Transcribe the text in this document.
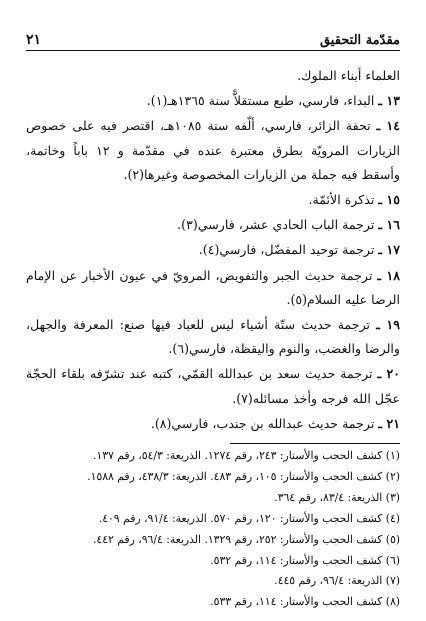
مقدّمة التحقيق
٢١

العلماء أبناء الملوك.

١٣ ـ البداء، فارسي، طبع مستقلاًّ سنة ١٣٦٥هـ(١).

١٤ ـ تحفة الزائر، فارسي، ألّفه سنة ١٠٨٥هـ، اقتصر فيه على خصوص الزيارات المرويّة بطرق معتبرة عنده في مقدّمة و ١٢ باباً وخاتمة، وأسقط فيه جملة من الزيارات المخصوصة وغيرها(٢).

١٥ ـ تذكرة الأئمّة.

١٦ ـ ترجمة الباب الحادي عشر، فارسي(٣).

١٧ ـ ترجمة توحيد المفضّل، فارسي(٤).

١٨ ـ ترجمة حديث الجبر والتفويض، المرويّ في عيون الأخبار عن الإمام الرضا عليه السلام(٥).

١٩ ـ ترجمة حديث ستّة أشياء ليس للعباد فيها صنع: المعرفة والجهل، والرضا والغضب، والنوم واليقظة، فارسي(٦).

٢٠ ـ ترجمة حديث سعد بن عبدالله القمّي، كتبه عند تشرّفه بلقاء الحجّة عجّل الله فرجه وأخذ مسائله(٧).

٢١ ـ ترجمة حديث عبدالله بن جندب، فارسي(٨).

(١) كشف الحجب والأستار: ٢٤٣، رقم ١٢٧٤. الذريعة: ٥٤/٣، رقم ١٣٧.
(٢) كشف الحجب والأستار: ١٠٥، رقم ٤٨٣. الذريعة: ٤٣٨/٣، رقم ١٥٨٨.
(٣) الذريعة: ٨٣/٤، رقم ٣٦٤.
(٤) كشف الحجب والأستار: ١٢٠، رقم ٥٧٠. الذريعة: ٩١/٤، رقم ٤٠٩.
(٥) كشف الحجب والأستار: ٢٥٢، رقم ١٣٢٩. الذريعة: ٩٦/٤، رقم ٤٤٢.
(٦) كشف الحجب والأستار: ١١٤، رقم ٥٣٢.
(٧) الذريعة: ٩٦/٤، رقم ٤٤٥.
(٨) كشف الحجب والأستار: ١١٤، رقم ٥٣٣.
